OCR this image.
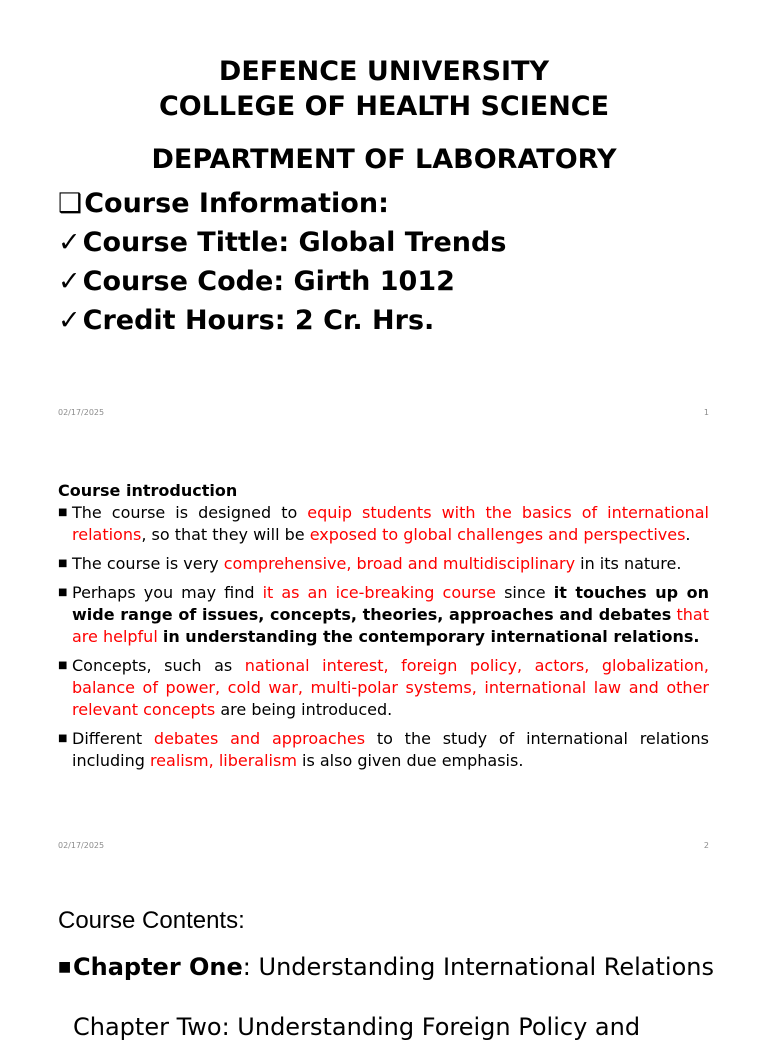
DEFENCE UNIVERSITY
COLLEGE OF HEALTH SCIENCE
DEPARTMENT OF LABORATORY
❑Course Information:
✓Course Tittle: Global Trends
✓Course Code: Girth 1012
✓Credit Hours: 2 Cr. Hrs.
02/17/2025	1
Course introduction
■ The course is designed to equip students with the basics of international relations, so that they will be exposed to global challenges and perspectives.
■ The course is very comprehensive, broad and multidisciplinary in its nature.
■ Perhaps you may find it as an ice-breaking course since it touches up on wide range of issues, concepts, theories, approaches and debates that are helpful in understanding the contemporary international relations.
■ Concepts, such as national interest, foreign policy, actors, globalization, balance of power, cold war, multi-polar systems, international law and other relevant concepts are being introduced.
■ Different debates and approaches to the study of international relations including realism, liberalism is also given due emphasis.
02/17/2025	2
Course Contents:
■ Chapter One: Understanding International Relations
Chapter Two: Understanding Foreign Policy and
